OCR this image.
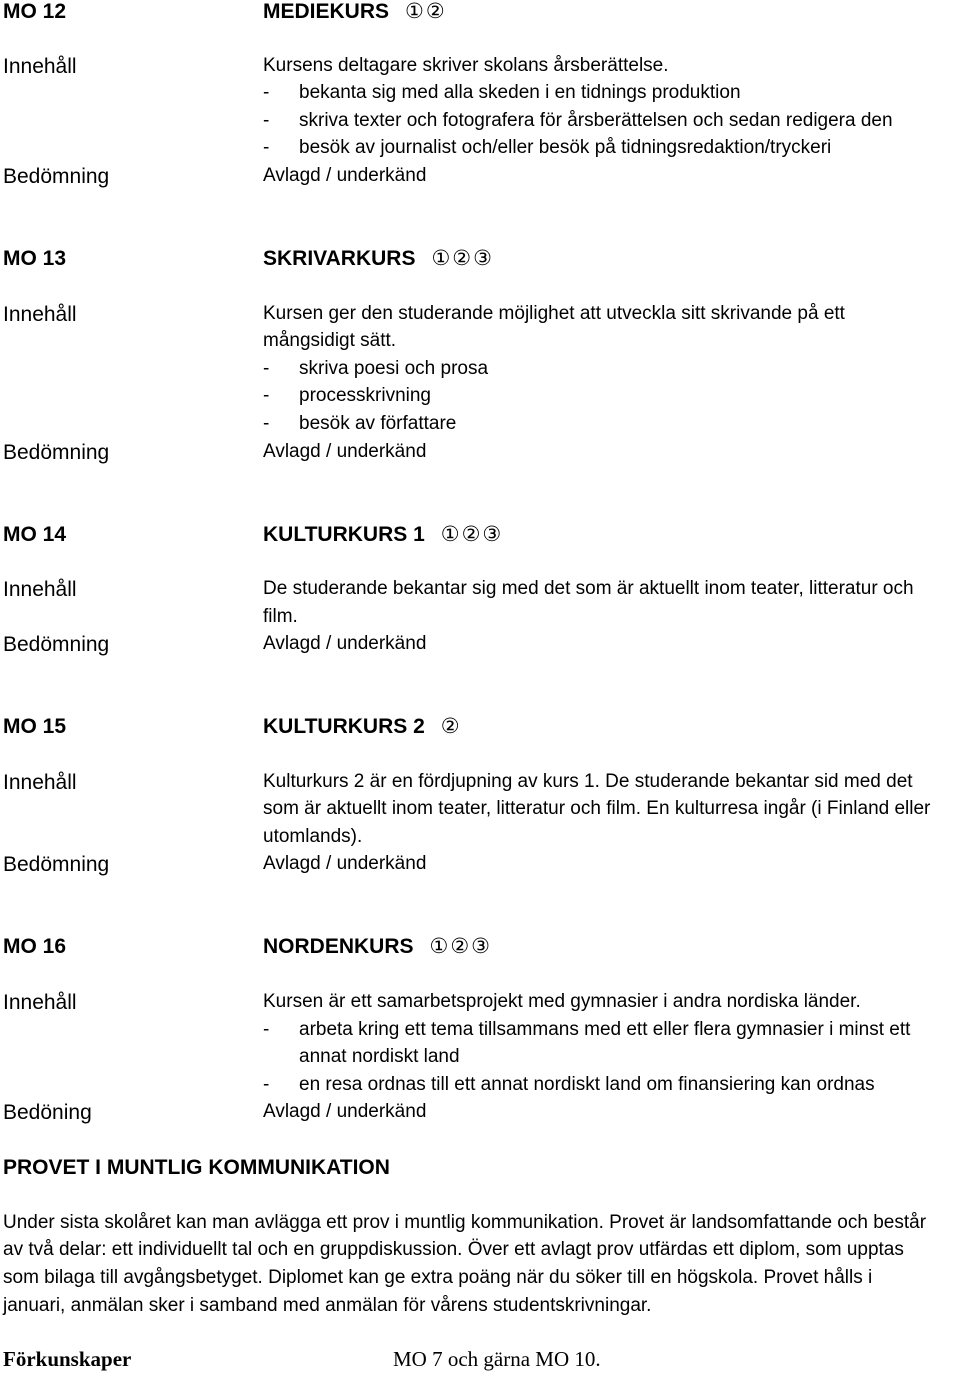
MO 12	MEDIEKURS ①②
Innehåll	Kursens deltagare skriver skolans årsberättelse.
- bekanta sig med alla skeden i en tidnings produktion
- skriva texter och fotografera för årsberättelsen och sedan redigera den
- besök av journalist och/eller besök på tidningsredaktion/tryckeri
Bedömning	Avlagd / underkänd
MO 13	SKRIVARKURS ①②③
Innehåll	Kursen ger den studerande möjlighet att utveckla sitt skrivande på ett
mångsidigt sätt.
- skriva poesi och prosa
- processkrivning
- besök av författare
Bedömning	Avlagd / underkänd
MO 14	KULTURKURS 1 ①②③
Innehåll	De studerande bekantar sig med det som är aktuellt inom teater, litteratur och
film.
Bedömning	Avlagd / underkänd
MO 15	KULTURKURS 2 ②
Innehåll	Kulturkurs 2 är en fördjupning av kurs 1. De studerande bekantar sid med det
som är aktuellt inom teater, litteratur och film. En kulturresa ingår (i Finland eller
utomlands).
Bedömning	Avlagd / underkänd
MO 16	NORDENKURS ①②③
Innehåll	Kursen är ett samarbetsprojekt med gymnasier i andra nordiska länder.
- arbeta kring ett tema tillsammans med ett eller flera gymnasier i minst ett
annat nordiskt land
- en resa ordnas till ett annat nordiskt land om finansiering kan ordnas
Bedöning	Avlagd / underkänd
PROVET I MUNTLIG KOMMUNIKATION
Under sista skolåret kan man avlägga ett prov i muntlig kommunikation. Provet är landsomfattande och består
av två delar: ett individuellt tal och en gruppdiskussion. Över ett avlagt prov utfärdas ett diplom, som upptas
som bilaga till avgångsbetyget. Diplomet kan ge extra poäng när du söker till en högskola. Provet hålls i
januari, anmälan sker i samband med anmälan för vårens studentskrivningar.
Förkunskaper	MO 7 och gärna MO 10.
